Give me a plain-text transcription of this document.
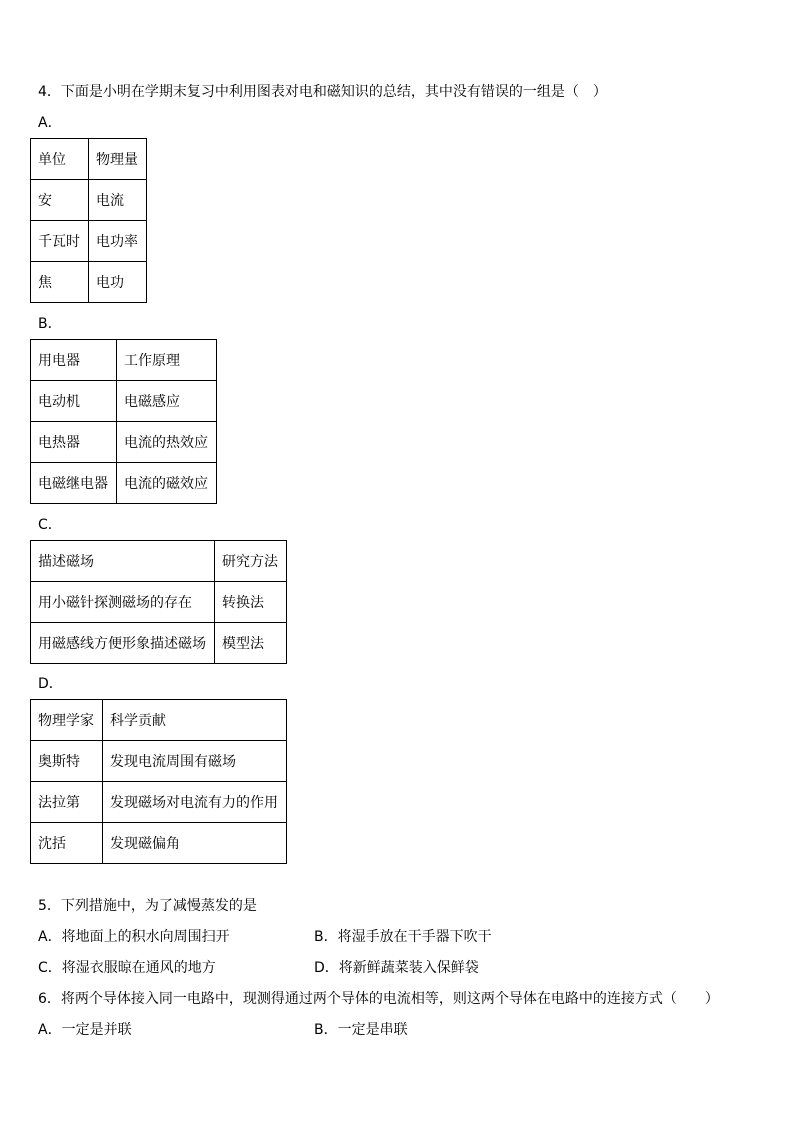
4．下面是小明在学期末复习中利用图表对电和磁知识的总结，其中没有错误的一组是（　）
A．
单位	物理量
安	电流
千瓦时	电功率
焦	电功
B．
用电器	工作原理
电动机	电磁感应
电热器	电流的热效应
电磁继电器	电流的磁效应
C．
描述磁场	研究方法
用小磁针探测磁场的存在	转换法
用磁感线方便形象描述磁场	模型法
D．
物理学家	科学贡献
奥斯特	发现电流周围有磁场
法拉第	发现磁场对电流有力的作用
沈括	发现磁偏角
5．下列措施中，为了减慢蒸发的是
A．将地面上的积水向周围扫开	B．将湿手放在干手器下吹干
C．将湿衣服晾在通风的地方	D．将新鲜蔬菜装入保鲜袋
6．将两个导体接入同一电路中，现测得通过两个导体的电流相等，则这两个导体在电路中的连接方式（　　）
A．一定是并联	B．一定是串联
